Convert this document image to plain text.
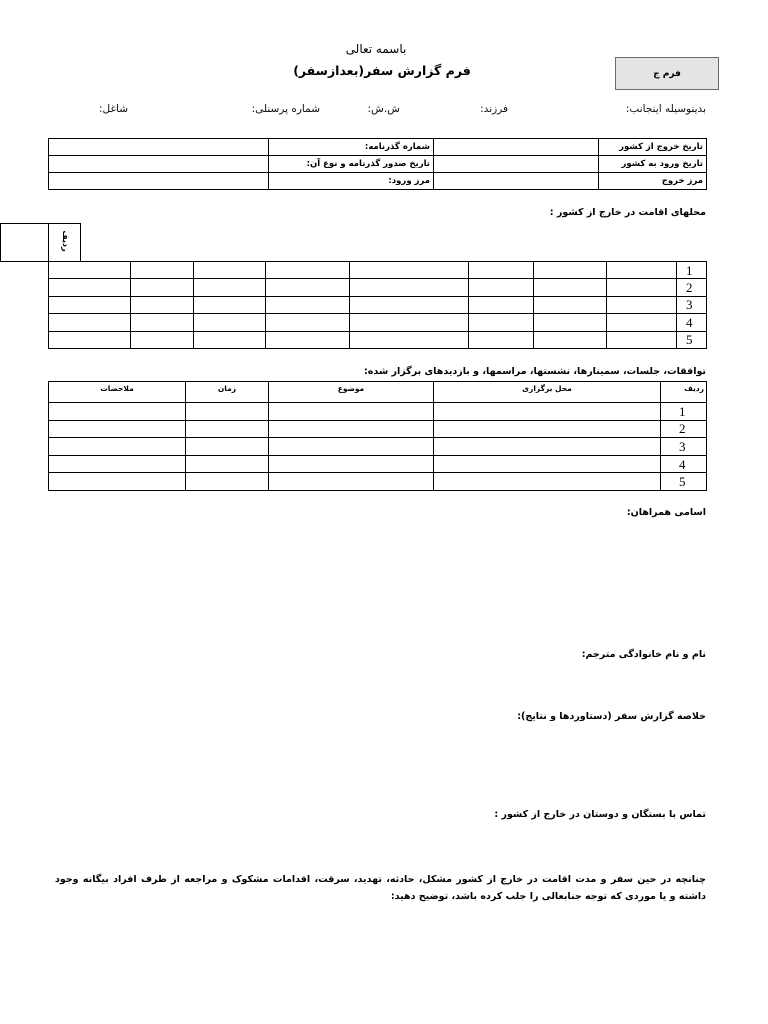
باسمه تعالی
فرم گزارش سفر(بعدازسفر)	فرم ج
بدینوسیله اینجانب:
فرزند:
ش.ش:
شماره پرسنلی:
شاغل:
تاریخ خروج از کشور		شماره گذرنامه:	
تاریخ ورود به کشور		تاریخ صدور گذرنامه و نوع آن:	
مرز خروج		مرز ورود:	
محلهای اقامت در خارج از کشور :
ردیف
1								
2								
3								
4								
5								
توافقات، جلسات، سمینارها، نشستها، مراسمها، و بازدیدهای برگزار شده:
ردیف	محل برگزاری	موضوع	زمان	ملاحضات
1				
2				
3				
4				
5				
اسامی همراهان:
نام و نام خانوادگی مترجم:
خلاصه گزارش سفر (دستاوردها و نتایج):
تماس با بستگان و دوستان در خارج از کشور :
چنانچه در حین سفر و مدت اقامت در خارج از کشور مشکل، حادثه، تهدید، سرقت، اقدامات مشکوک و مراجعه از طرف افراد بیگانه وجود داشته و یا موردی که توجه جنابعالی را جلب کرده باشد، توضیح دهید:
